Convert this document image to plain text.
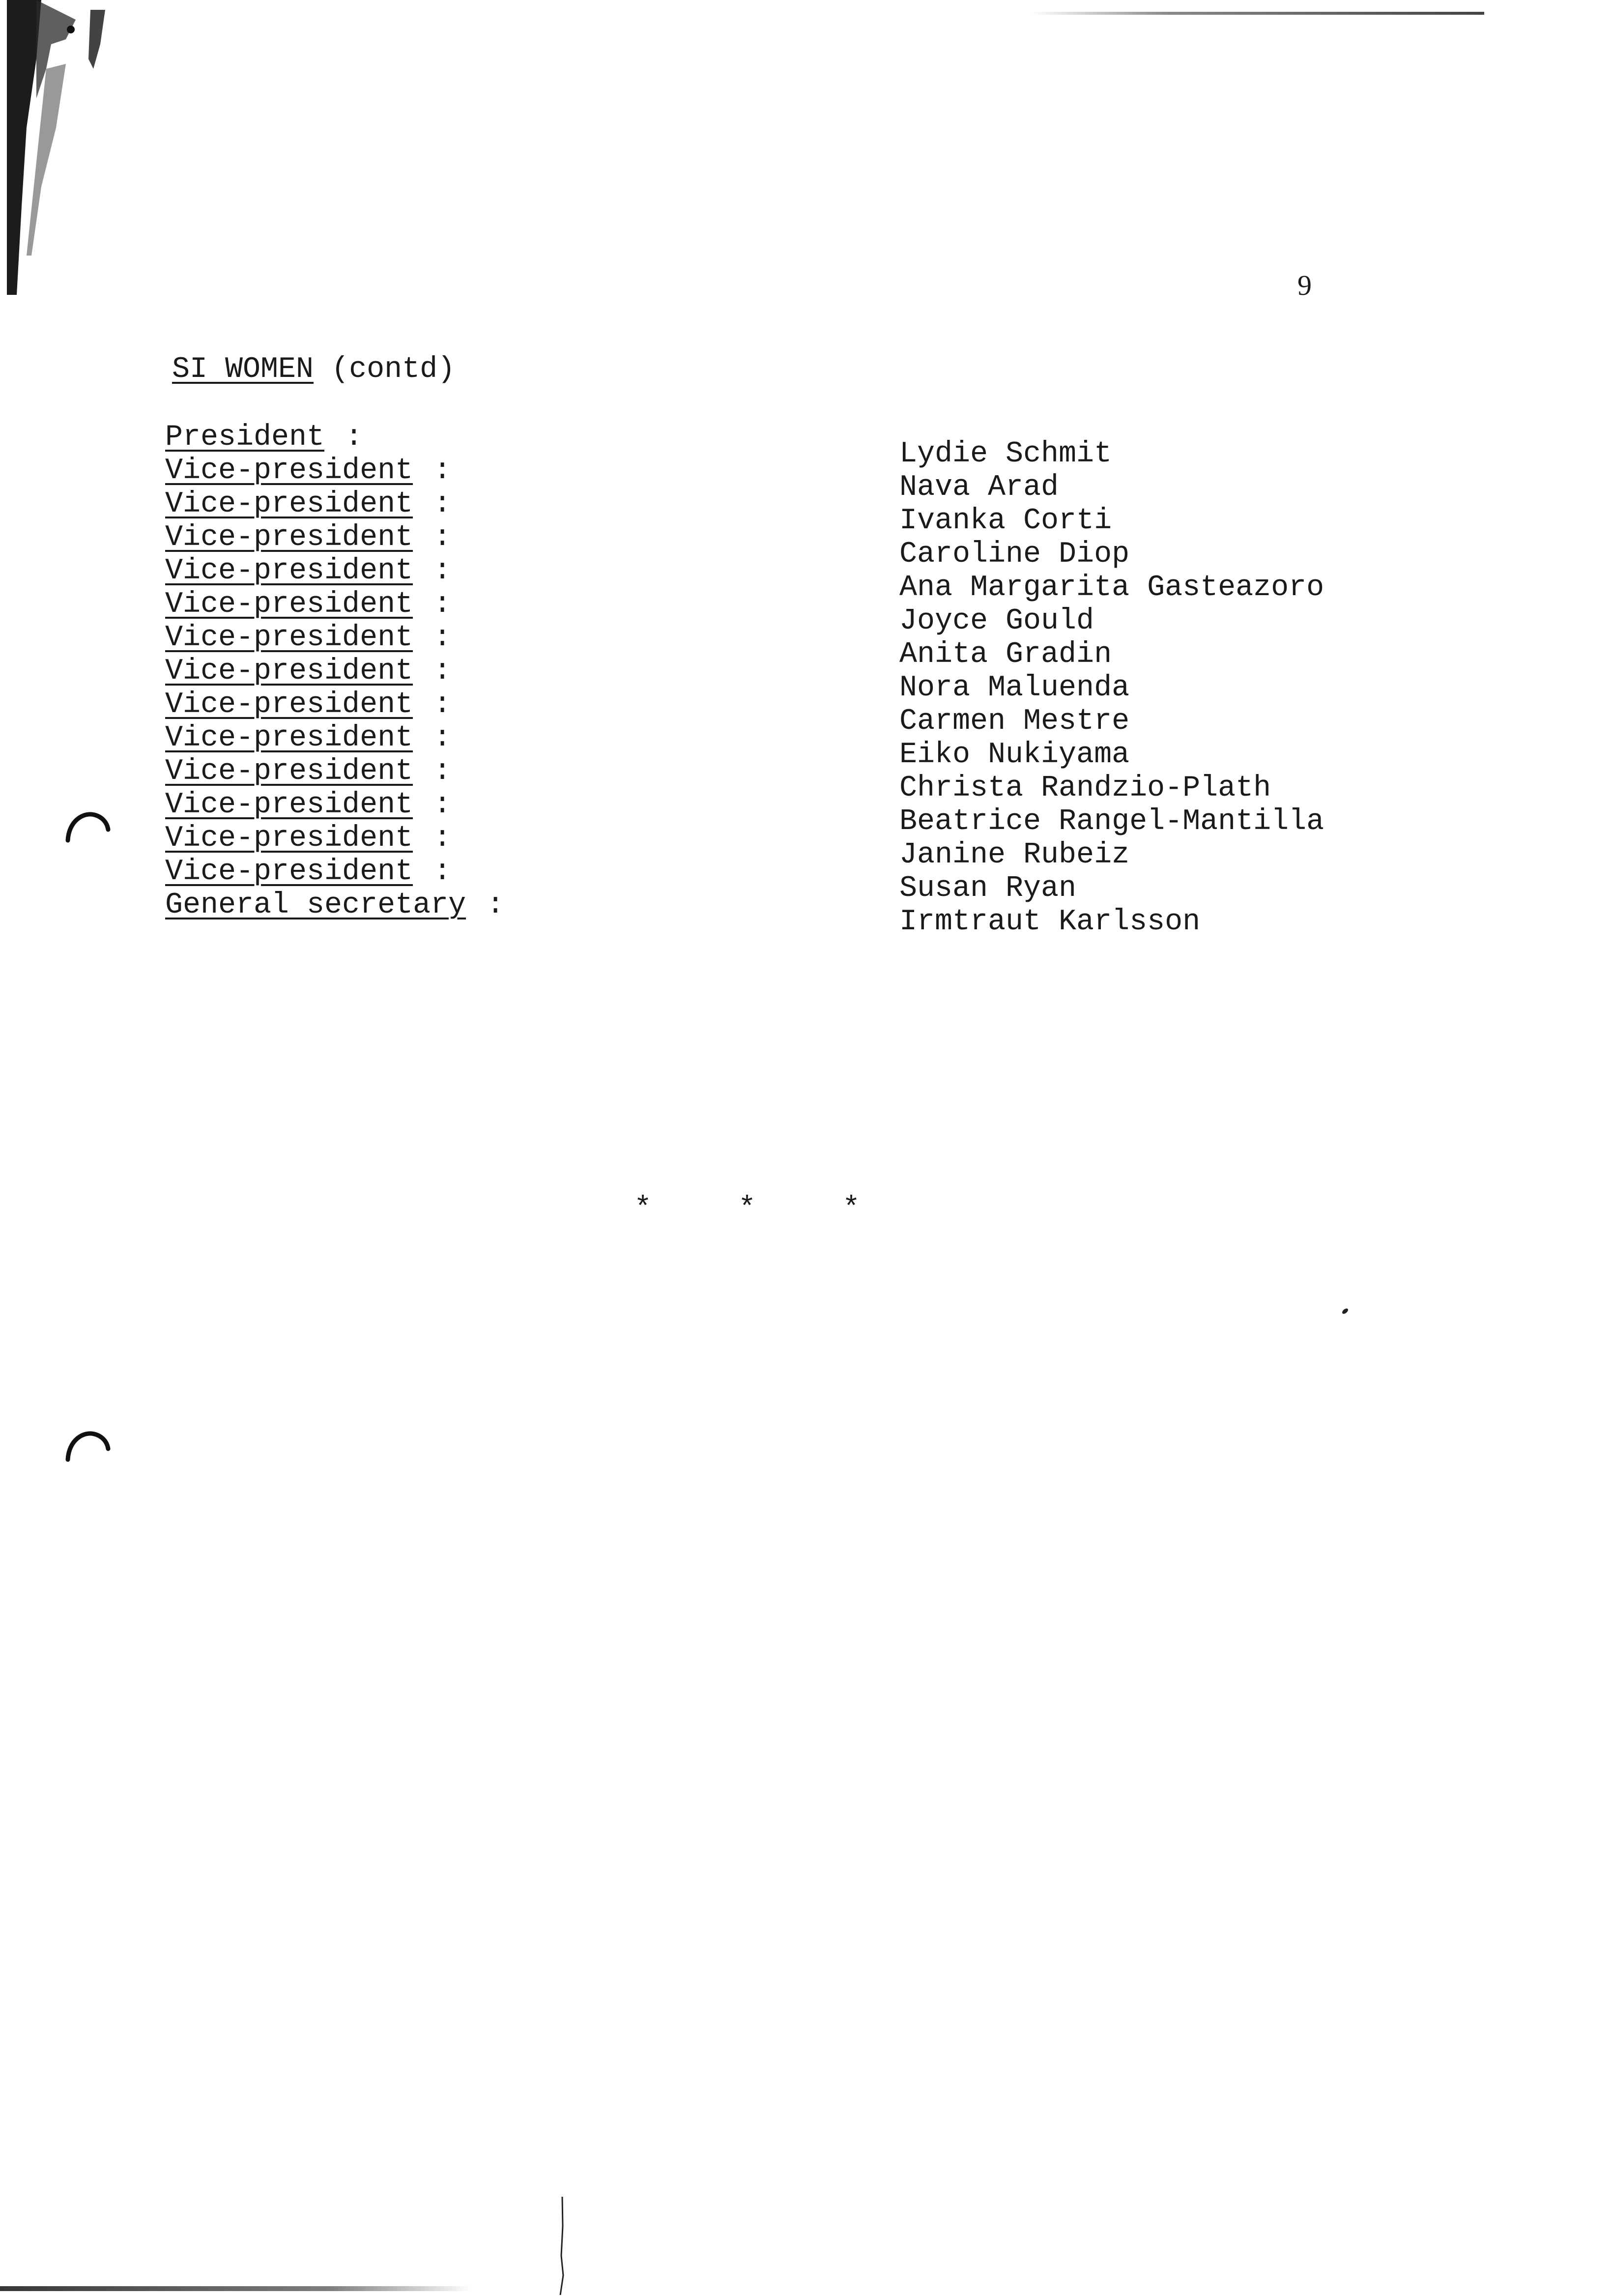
9
SI WOMEN (contd)
President :
Vice-president :
Vice-president :
Vice-president :
Vice-president :
Vice-president :
Vice-president :
Vice-president :
Vice-president :
Vice-president :
Vice-president :
Vice-president :
Vice-president :
Vice-president :
General secretary :
Lydie Schmit
Nava Arad
Ivanka Corti
Caroline Diop
Ana Margarita Gasteazoro
Joyce Gould
Anita Gradin
Nora Maluenda
Carmen Mestre
Eiko Nukiyama
Christa Randzio-Plath
Beatrice Rangel-Mantilla
Janine Rubeiz
Susan Ryan
Irmtraut Karlsson
*	*	*
